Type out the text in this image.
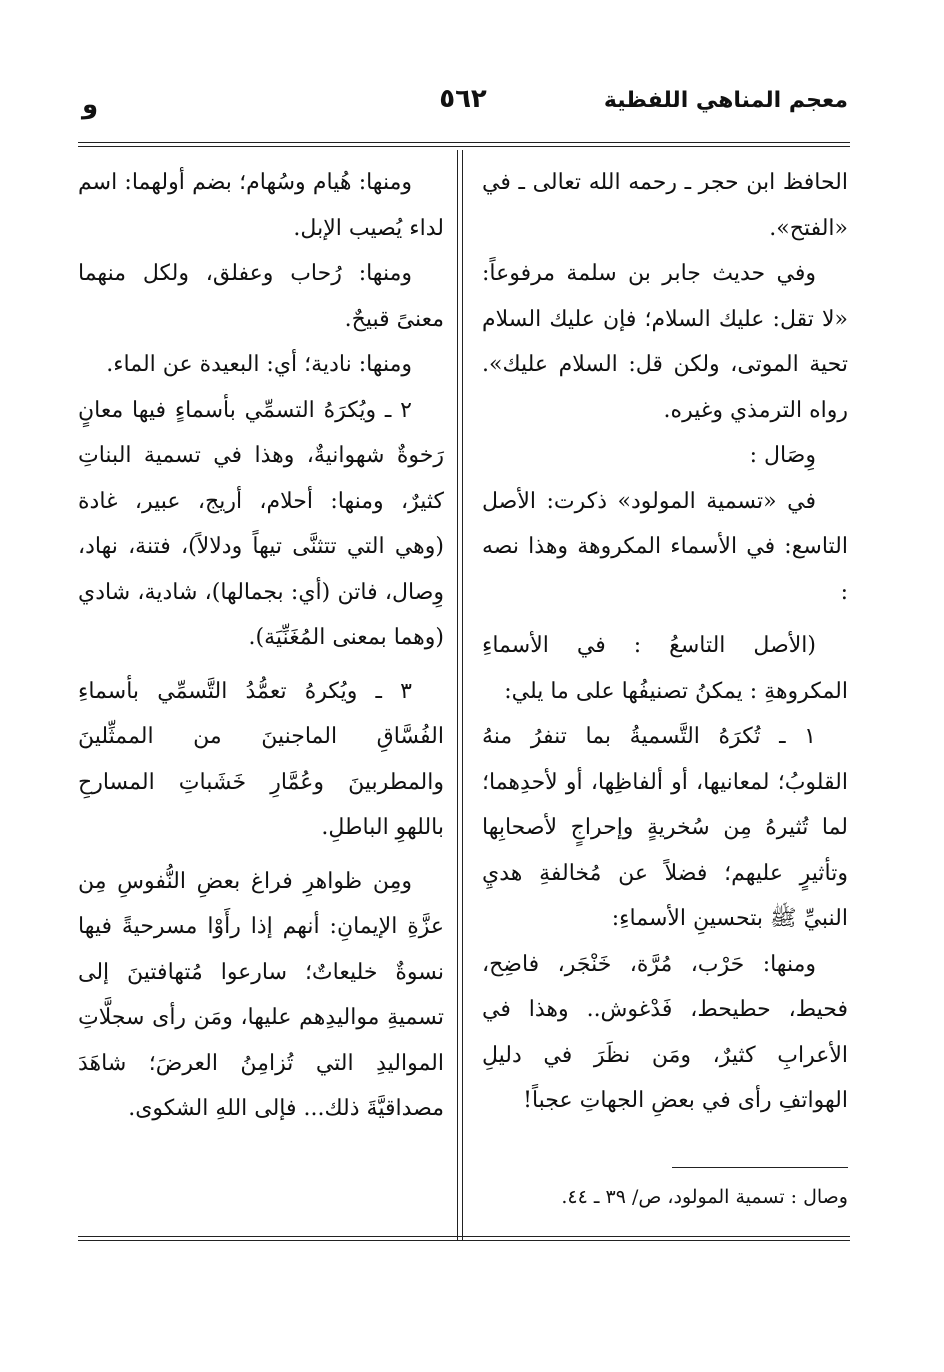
معجم المناهي اللفظية
٥٦٢
و

الحافظ ابن حجر ـ رحمه الله تعالى ـ في «الفتح».

وفي حديث جابر بن سلمة مرفوعاً: «لا تقل: عليك السلام؛ فإن عليك السلام تحية الموتى، ولكن قل: السلام عليك». رواه الترمذي وغيره.

وِصَال :

في «تسمية المولود» ذكرت: الأصل التاسع: في الأسماء المكروهة وهذا نصه :

(الأصل التاسعُ : في الأسماءِ المكروهةِ : يمكنُ تصنيفُها على ما يلي:

١ ـ تُكرَهُ التَّسميةُ بما تنفرُ منهُ القلوبُ؛ لمعانيها، أو ألفاظِها، أو لأحدِهما؛ لما تُثيرهُ مِن سُخريةٍ وإحراجٍ لأصحابِها وتأثيرٍ عليهم؛ فضلاً عن مُخالفةِ هديِ النبيِّ ﷺ بتحسينِ الأسماءِ:

ومنها: حَرْب، مُرَّة، خَنْجَر، فاضِح، فحيط، حطيحط، فَدْغوش.. وهذا في الأعرابِ كثيرٌ، ومَن نظَرَ في دليلِ الهواتفِ رأى في بعضِ الجهاتِ عجباً!

وصال : تسمية المولود، ص/ ٣٩ ـ ٤٤.

ومنها: هُيام وسُهام؛ بضم أولهما: اسم لداء يُصيب الإبل.

ومنها: رُحاب وعفلق، ولكل منهما معنىً قبيحٌ.

ومنها: نادية؛ أي: البعيدة عن الماء.

٢ ـ ويُكرَهُ التسمِّي بأسماءٍ فيها معانٍ رَخوةٌ شهوانيةٌ، وهذا في تسمية البناتِ كثيرٌ، ومنها: أحلام، أريج، عبير، غادة (وهي التي تتثنَّى تيهاً ودلالاً)، فتنة، نهاد، وِصال، فاتن (أي: بجمالها)، شادية، شادي (وهما بمعنى المُغَنِّيَة).

٣ ـ ويُكرهُ تعمُّدُ التَّسمِّي بأسماءِ الفُسَّاقِ الماجنينَ من الممثِّلينَ والمطربينَ وعُمَّارِ خَشَباتِ المسارحِ باللهوِ الباطلِ.

ومِن ظواهرِ فراغ بعضِ النُّفوسِ مِن عزَّةِ الإيمانِ: أنهم إذا رأَوْا مسرحيةً فيها نسوةٌ خليعاتٌ؛ سارعوا مُتهافتينَ إلى تسميةِ مواليدِهم عليها، ومَن رأى سجلَّاتِ المواليدِ التي تُزامِنُ العرضَ؛ شاهَدَ مصداقيَّةَ ذلك... فإلى اللهِ الشكوى.
